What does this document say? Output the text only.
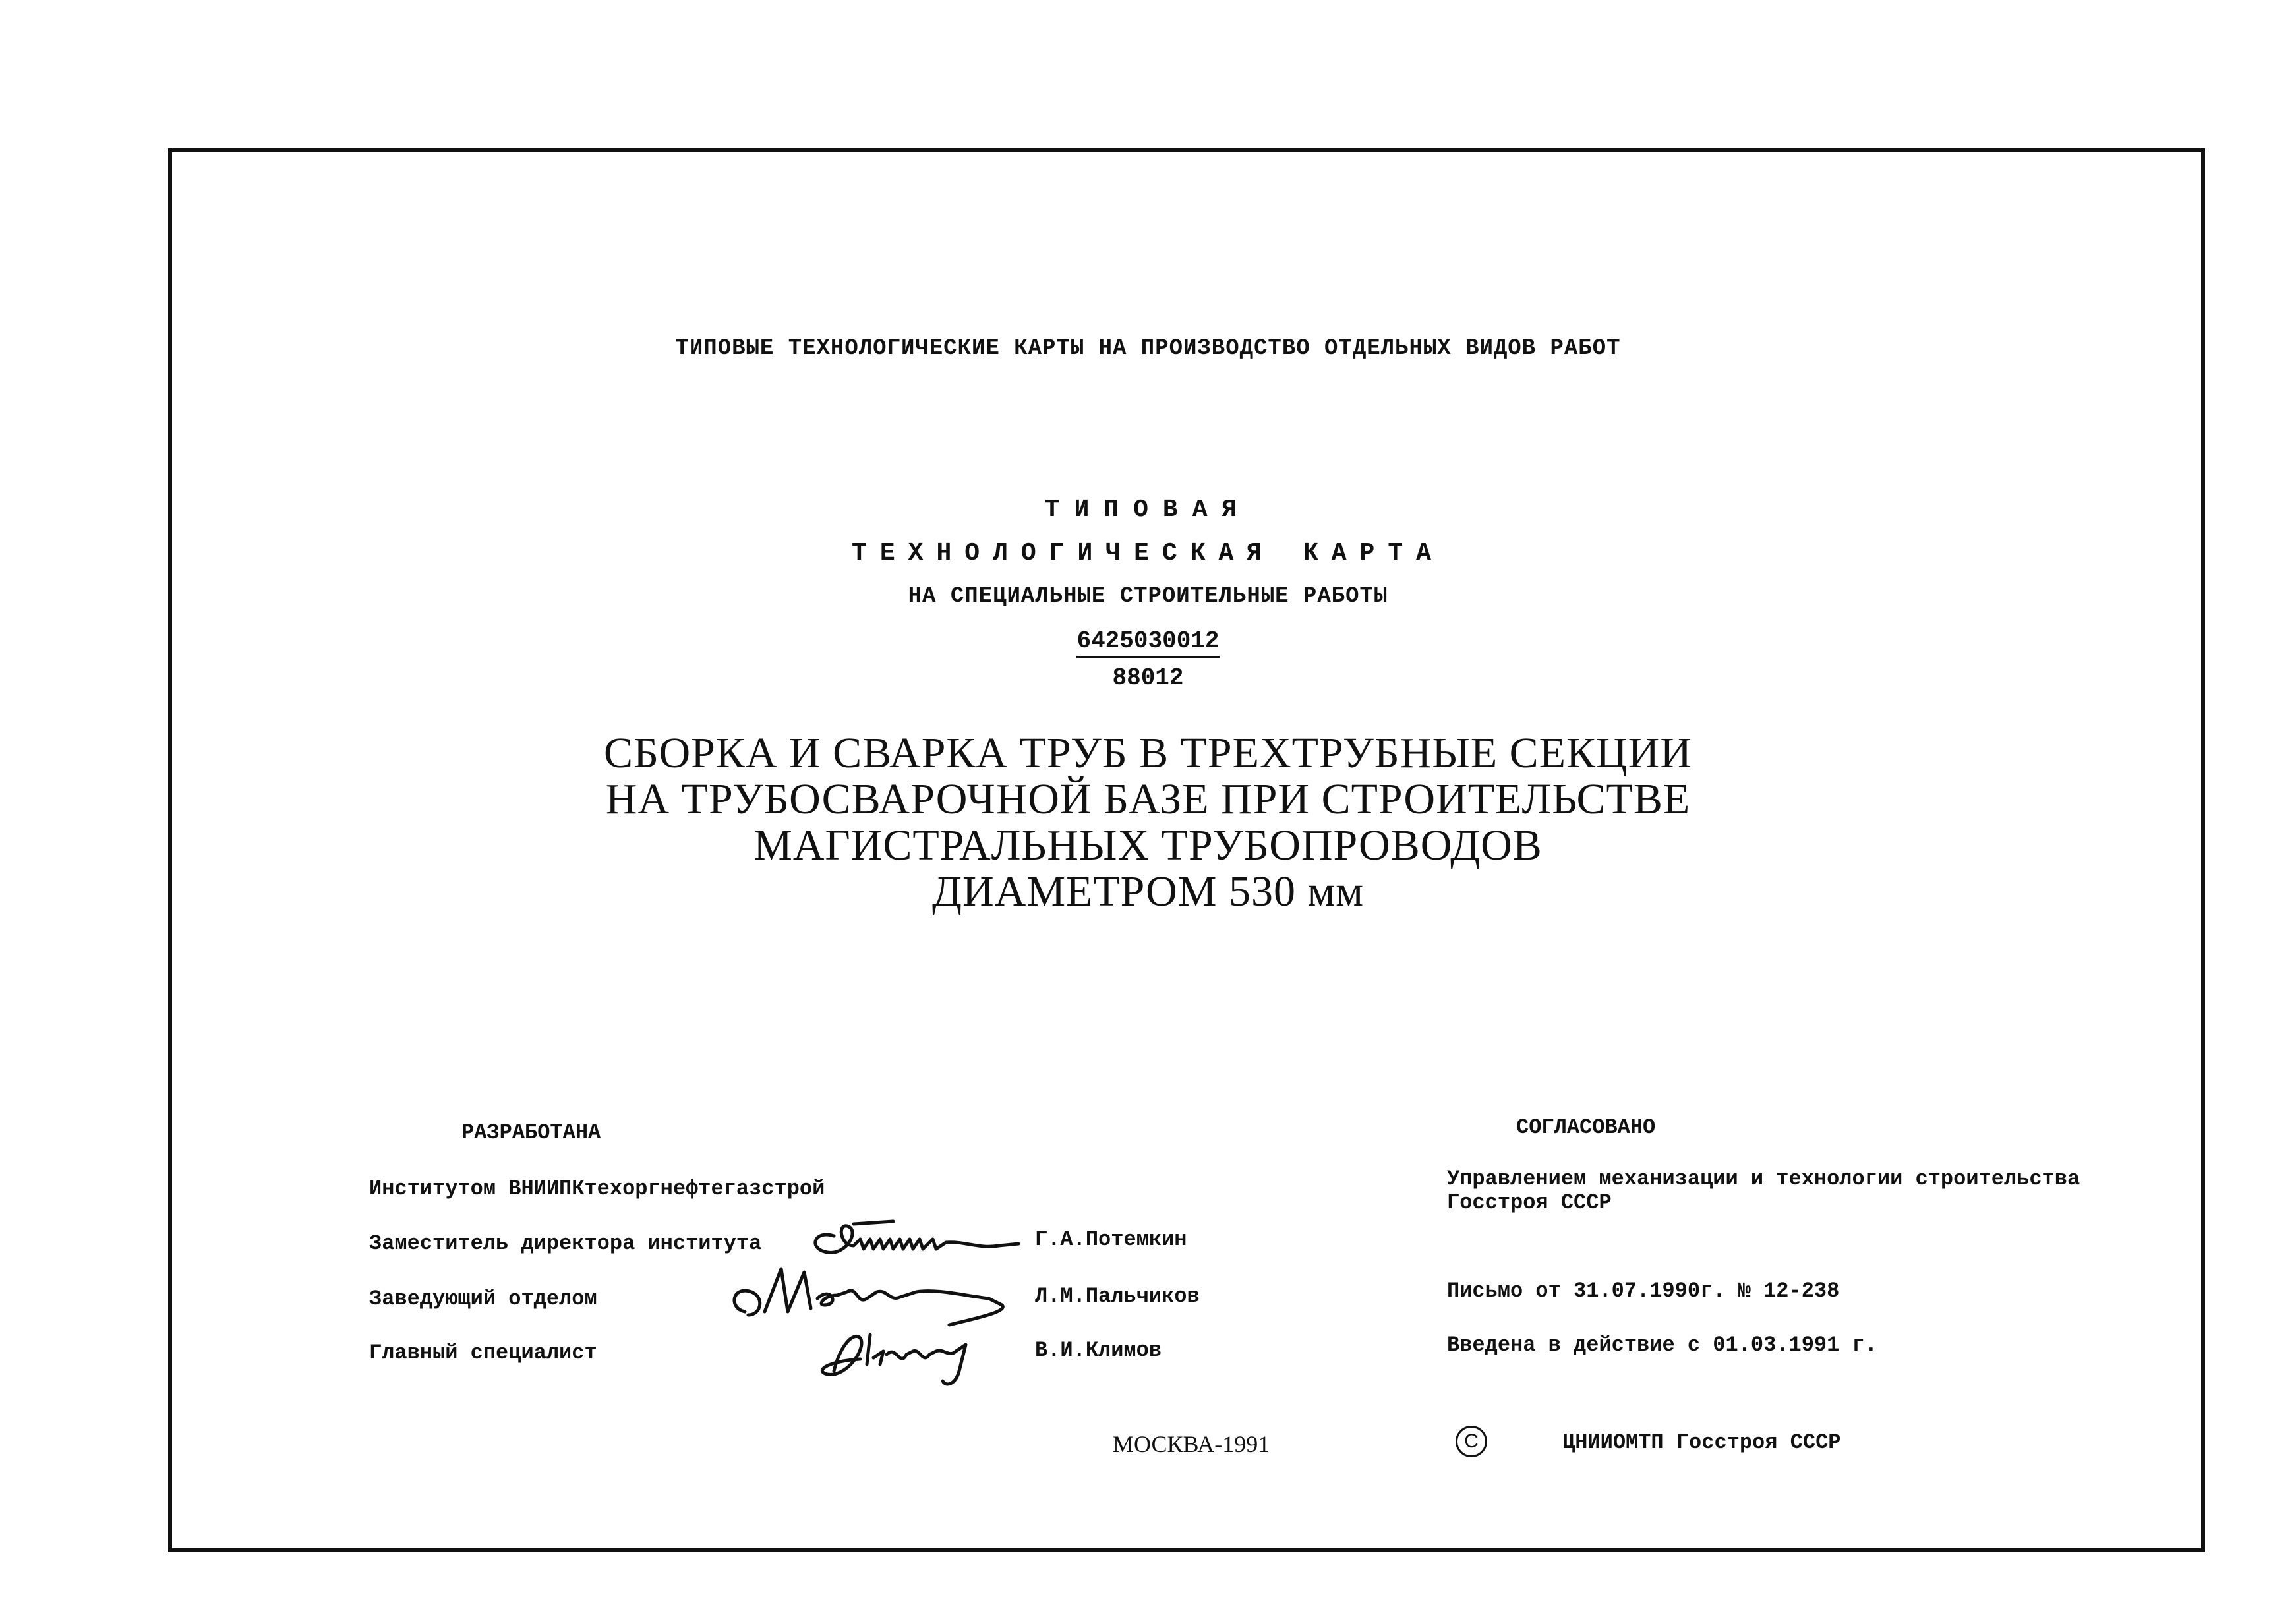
ТИПОВЫЕ ТЕХНОЛОГИЧЕСКИЕ КАРТЫ НА ПРОИЗВОДСТВО ОТДЕЛЬНЫХ ВИДОВ РАБОТ
ТИПОВАЯ
ТЕХНОЛОГИЧЕСКАЯ КАРТА
НА СПЕЦИАЛЬНЫЕ СТРОИТЕЛЬНЫЕ РАБОТЫ
6425030012
88012
СБОРКА И СВАРКА ТРУБ В ТРЕХТРУБНЫЕ СЕКЦИИ
НА ТРУБОСВАРОЧНОЙ БАЗЕ ПРИ СТРОИТЕЛЬСТВЕ
МАГИСТРАЛЬНЫХ ТРУБОПРОВОДОВ
ДИАМЕТРОМ 530 мм
РАЗРАБОТАНА
Институтом ВНИИПКтехоргнефтегазстрой
Заместитель директора института	Г.А.Потемкин
Заведующий отделом	Л.М.Пальчиков
Главный специалист	В.И.Климов
СОГЛАСОВАНО
Управлением механизации и технологии строительства
Госстроя СССР
Письмо от 31.07.1990г. № 12-238
Введена в действие с 01.03.1991 г.
МОСКВА-1991	C	ЦНИИОМТП Госстроя СССР
